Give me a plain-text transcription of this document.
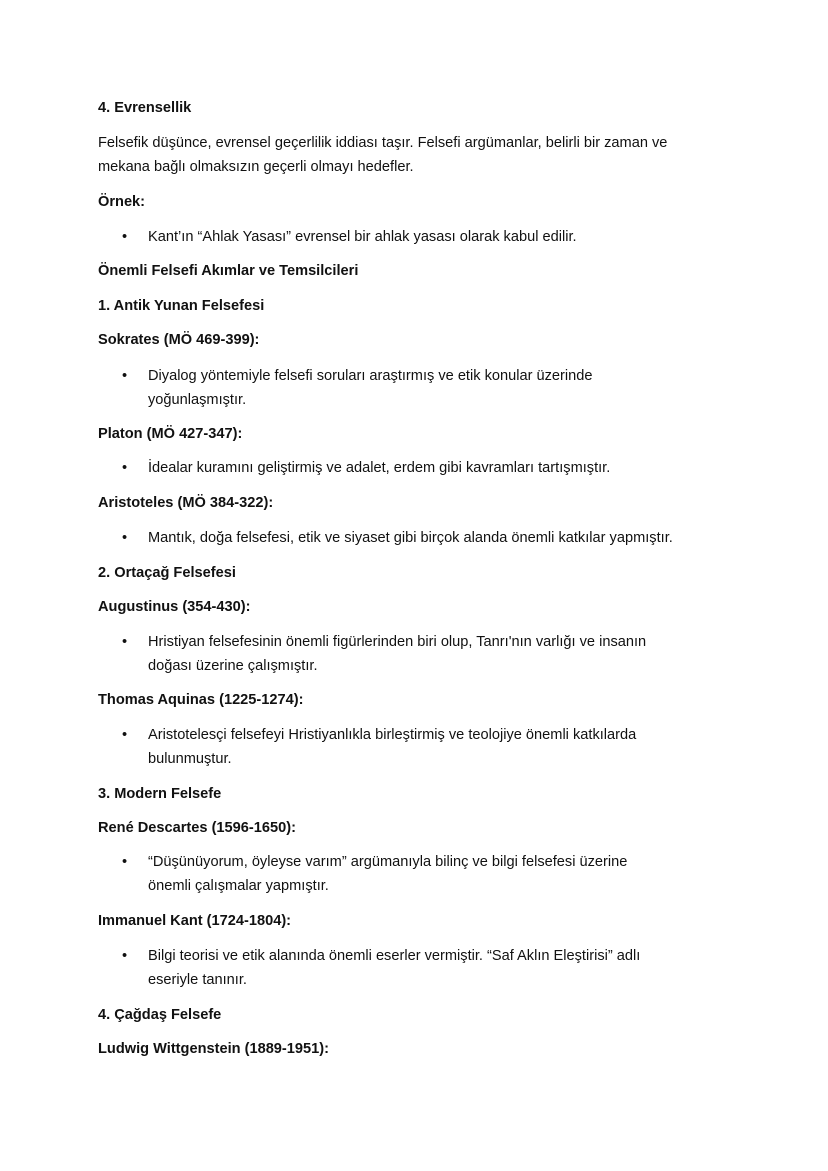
4. Evrensellik
Felsefik düşünce, evrensel geçerlilik iddiası taşır. Felsefi argümanlar, belirli bir zaman ve
mekana bağlı olmaksızın geçerli olmayı hedefler.
Örnek:
• Kant’ın “Ahlak Yasası” evrensel bir ahlak yasası olarak kabul edilir.
Önemli Felsefi Akımlar ve Temsilcileri
1. Antik Yunan Felsefesi
Sokrates (MÖ 469-399):
• Diyalog yöntemiyle felsefi soruları araştırmış ve etik konular üzerinde
yoğunlaşmıştır.
Platon (MÖ 427-347):
• İdealar kuramını geliştirmiş ve adalet, erdem gibi kavramları tartışmıştır.
Aristoteles (MÖ 384-322):
• Mantık, doğa felsefesi, etik ve siyaset gibi birçok alanda önemli katkılar yapmıştır.
2. Ortaçağ Felsefesi
Augustinus (354-430):
• Hristiyan felsefesinin önemli figürlerinden biri olup, Tanrı'nın varlığı ve insanın
doğası üzerine çalışmıştır.
Thomas Aquinas (1225-1274):
• Aristotelesçi felsefeyi Hristiyanlıkla birleştirmiş ve teolojiye önemli katkılarda
bulunmuştur.
3. Modern Felsefe
René Descartes (1596-1650):
• “Düşünüyorum, öyleyse varım” argümanıyla bilinç ve bilgi felsefesi üzerine
önemli çalışmalar yapmıştır.
Immanuel Kant (1724-1804):
• Bilgi teorisi ve etik alanında önemli eserler vermiştir. “Saf Aklın Eleştirisi” adlı
eseriyle tanınır.
4. Çağdaş Felsefe
Ludwig Wittgenstein (1889-1951):
